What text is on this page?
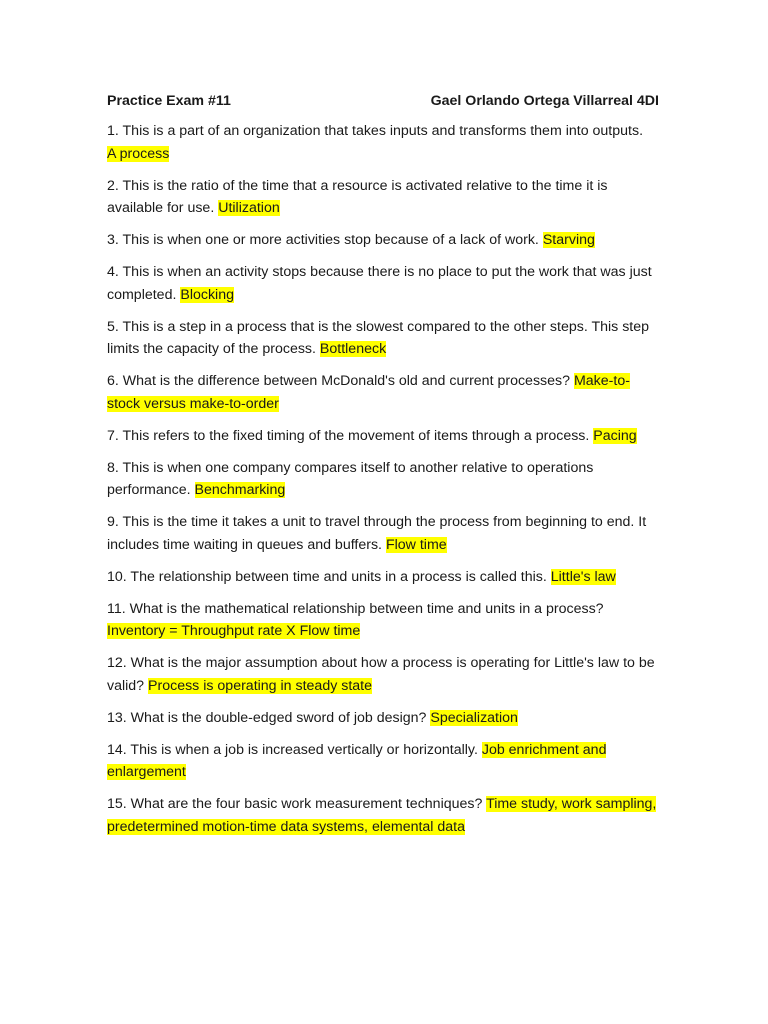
Practice Exam #11	Gael Orlando Ortega Villarreal 4DI

1. This is a part of an organization that takes inputs and transforms them into outputs.
A process

2. This is the ratio of the time that a resource is activated relative to the time it is available for use. Utilization

3. This is when one or more activities stop because of a lack of work. Starving

4. This is when an activity stops because there is no place to put the work that was just completed. Blocking

5. This is a step in a process that is the slowest compared to the other steps. This step limits the capacity of the process. Bottleneck

6. What is the difference between McDonald's old and current processes? Make-to-stock versus make-to-order

7. This refers to the fixed timing of the movement of items through a process. Pacing

8. This is when one company compares itself to another relative to operations performance. Benchmarking

9. This is the time it takes a unit to travel through the process from beginning to end. It includes time waiting in queues and buffers. Flow time

10. The relationship between time and units in a process is called this. Little's law

11. What is the mathematical relationship between time and units in a process?
Inventory = Throughput rate X Flow time

12. What is the major assumption about how a process is operating for Little's law to be valid? Process is operating in steady state

13. What is the double-edged sword of job design? Specialization

14. This is when a job is increased vertically or horizontally. Job enrichment and enlargement

15. What are the four basic work measurement techniques? Time study, work sampling, predetermined motion-time data systems, elemental data
